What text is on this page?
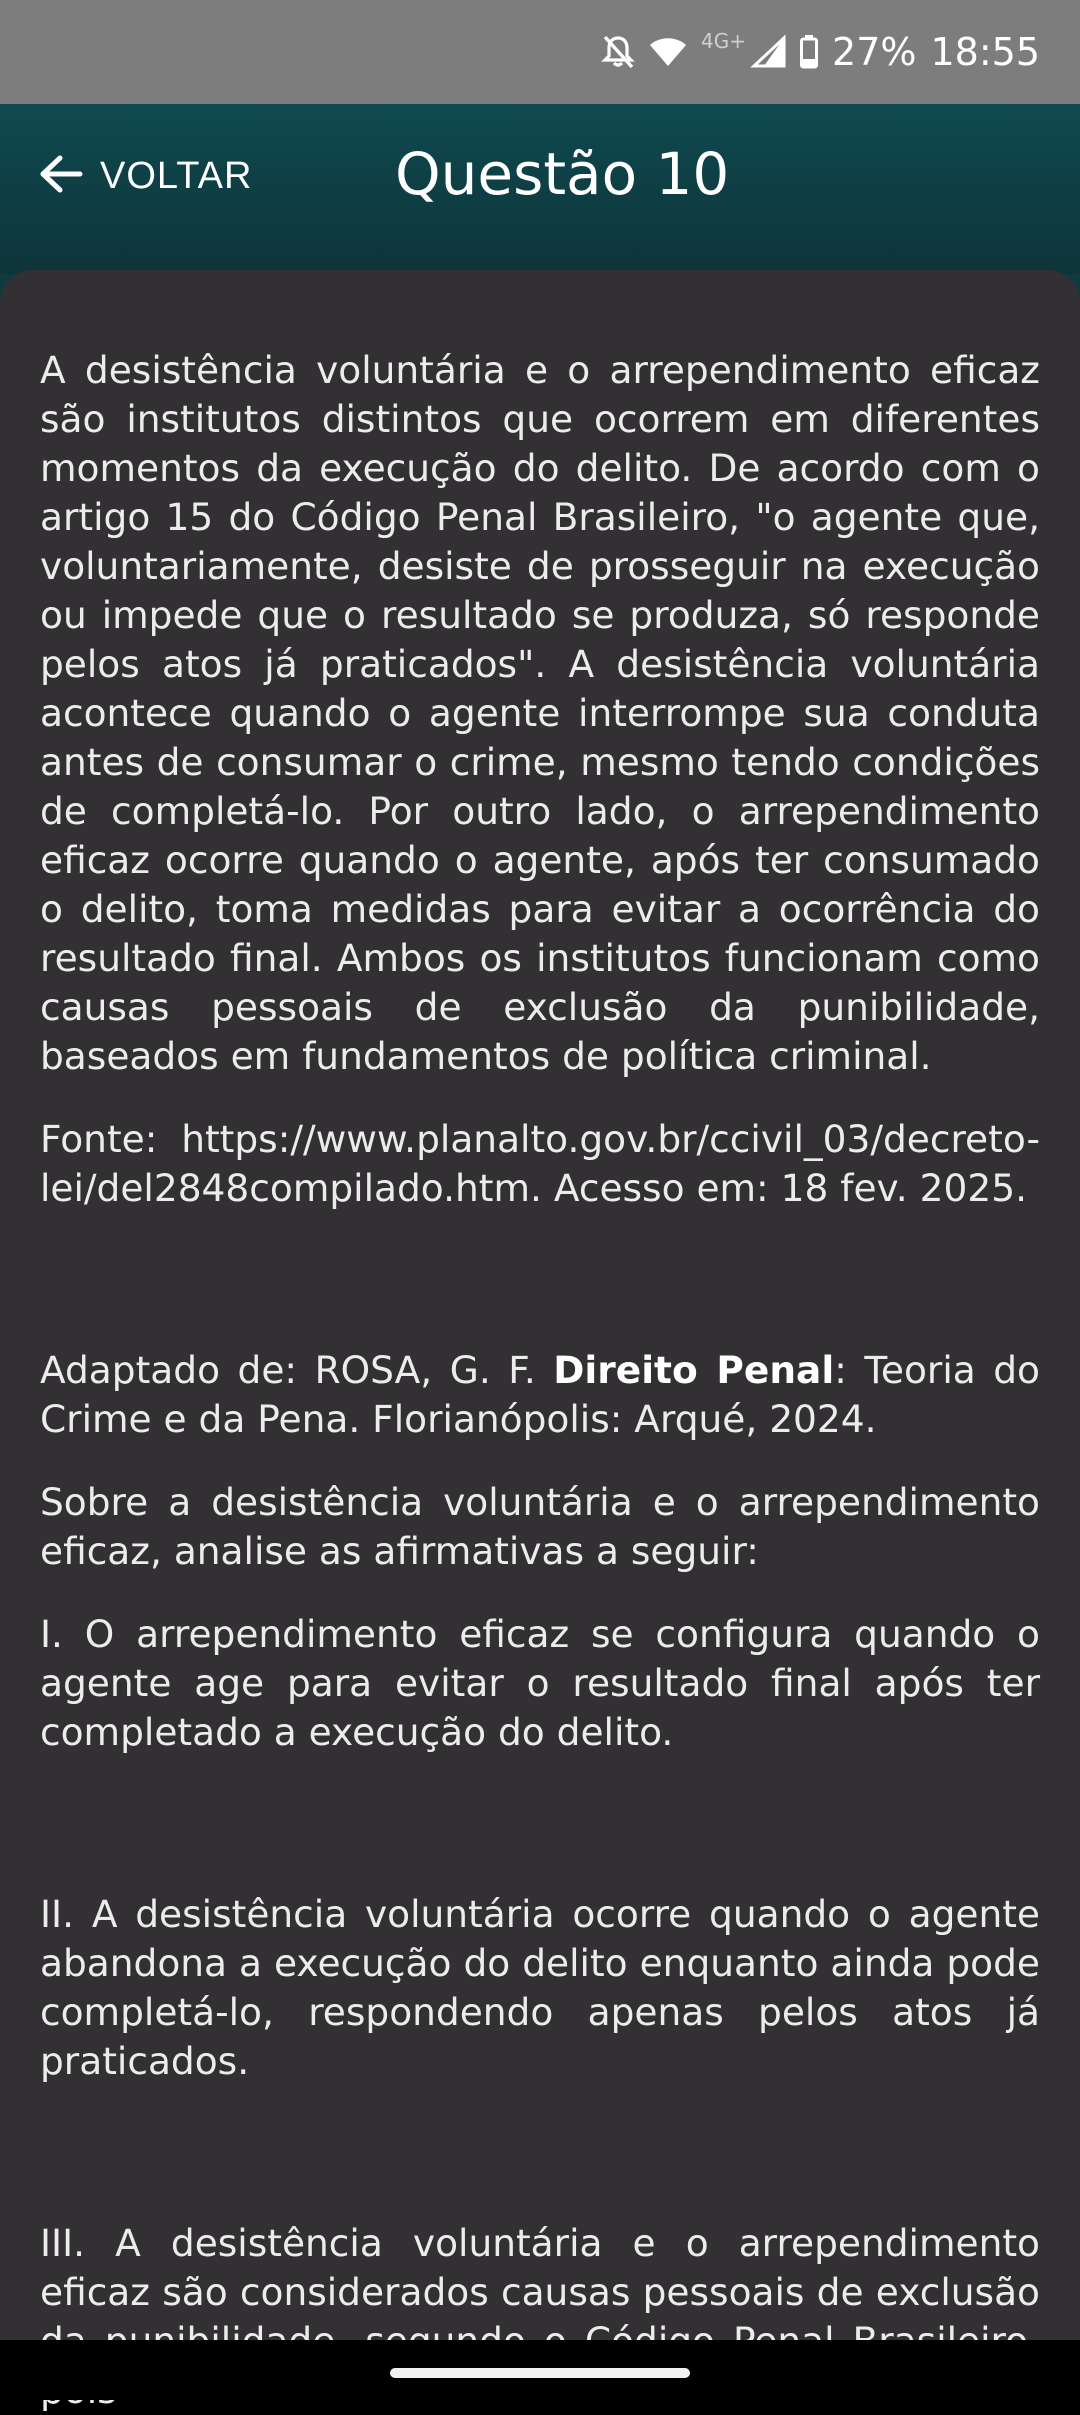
4G+ 27% 18:55
VOLTAR Questão 10

A desistência voluntária e o arrependimento eficaz são institutos distintos que ocorrem em diferentes momentos da execução do delito. De acordo com o artigo 15 do Código Penal Brasileiro, "o agente que, voluntariamente, desiste de prosseguir na execução ou impede que o resultado se produza, só responde pelos atos já praticados". A desistência voluntária acontece quando o agente interrompe sua conduta antes de consumar o crime, mesmo tendo condições de completá-lo. Por outro lado, o arrependimento eficaz ocorre quando o agente, após ter consumado o delito, toma medidas para evitar a ocorrência do resultado final. Ambos os institutos funcionam como causas pessoais de exclusão da punibilidade, baseados em fundamentos de política criminal.

Fonte: https://www.planalto.gov.br/ccivil_03/decreto-lei/del2848compilado.htm. Acesso em: 18 fev. 2025.

Adaptado de: ROSA, G. F. Direito Penal: Teoria do Crime e da Pena. Florianópolis: Arqué, 2024.

Sobre a desistência voluntária e o arrependimento eficaz, analise as afirmativas a seguir:

I. O arrependimento eficaz se configura quando o agente age para evitar o resultado final após ter completado a execução do delito.

II. A desistência voluntária ocorre quando o agente abandona a execução do delito enquanto ainda pode completá-lo, respondendo apenas pelos atos já praticados.

III. A desistência voluntária e o arrependimento eficaz são considerados causas pessoais de exclusão
